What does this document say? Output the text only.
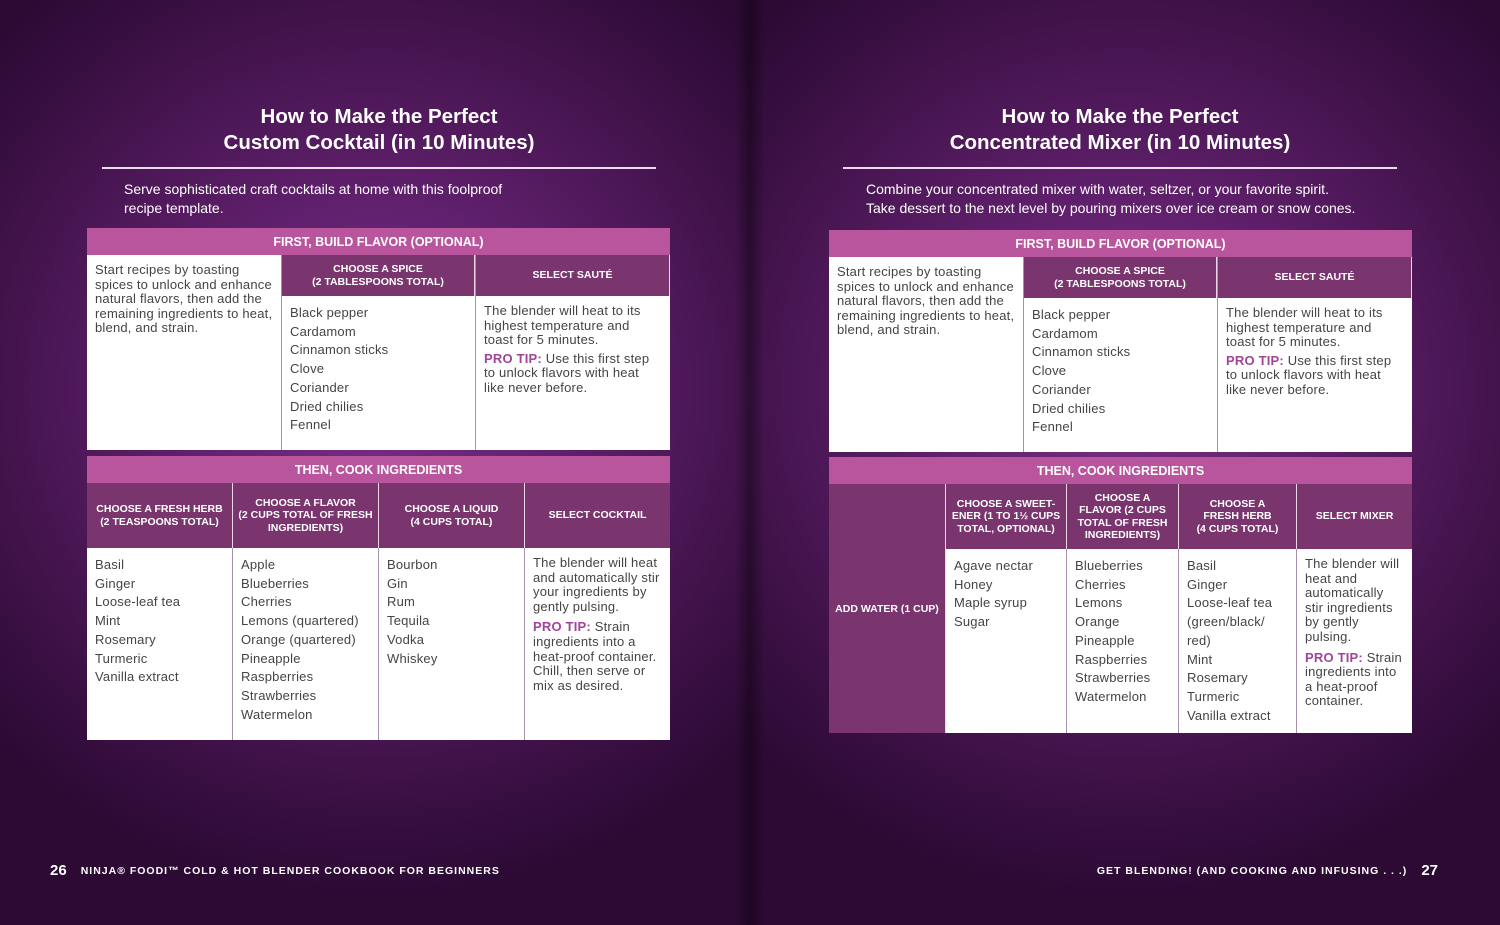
How to Make the Perfect
Custom Cocktail (in 10 Minutes)
Serve sophisticated craft cocktails at home with this foolproof
recipe template.
FIRST, BUILD FLAVOR (OPTIONAL)
Start recipes by toasting spices to unlock and enhance natural flavors, then add the remaining ingredients to heat, blend, and strain.
CHOOSE A SPICE
(2 TABLESPOONS TOTAL)
Black pepper
Cardamom
Cinnamon sticks
Clove
Coriander
Dried chilies
Fennel
SELECT SAUTÉ
The blender will heat to its highest temperature and toast for 5 minutes.
PRO TIP: Use this first step to unlock flavors with heat like never before.
THEN, COOK INGREDIENTS
CHOOSE A FRESH HERB
(2 TEASPOONS TOTAL)
CHOOSE A FLAVOR
(2 CUPS TOTAL OF FRESH
INGREDIENTS)
CHOOSE A LIQUID
(4 CUPS TOTAL)
SELECT COCKTAIL
Basil
Ginger
Loose-leaf tea
Mint
Rosemary
Turmeric
Vanilla extract
Apple
Blueberries
Cherries
Lemons (quartered)
Orange (quartered)
Pineapple
Raspberries
Strawberries
Watermelon
Bourbon
Gin
Rum
Tequila
Vodka
Whiskey
The blender will heat and automatically stir your ingredients by gently pulsing.
PRO TIP: Strain ingredients into a heat-proof container. Chill, then serve or mix as desired.
26 NINJA® FOODI™ COLD & HOT BLENDER COOKBOOK FOR BEGINNERS
How to Make the Perfect
Concentrated Mixer (in 10 Minutes)
Combine your concentrated mixer with water, seltzer, or your favorite spirit.
Take dessert to the next level by pouring mixers over ice cream or snow cones.
FIRST, BUILD FLAVOR (OPTIONAL)
Start recipes by toasting spices to unlock and enhance natural flavors, then add the remaining ingredients to heat, blend, and strain.
CHOOSE A SPICE
(2 TABLESPOONS TOTAL)
Black pepper
Cardamom
Cinnamon sticks
Clove
Coriander
Dried chilies
Fennel
SELECT SAUTÉ
The blender will heat to its highest temperature and toast for 5 minutes.
PRO TIP: Use this first step to unlock flavors with heat like never before.
THEN, COOK INGREDIENTS
ADD WATER (1 CUP)
CHOOSE A SWEET-
ENER (1 TO 1½ CUPS
TOTAL, OPTIONAL)
CHOOSE A
FLAVOR (2 CUPS
TOTAL OF FRESH
INGREDIENTS)
CHOOSE A
FRESH HERB
(4 CUPS TOTAL)
SELECT MIXER
Agave nectar
Honey
Maple syrup
Sugar
Blueberries
Cherries
Lemons
Orange
Pineapple
Raspberries
Strawberries
Watermelon
Basil
Ginger
Loose-leaf tea (green/black/ red)
Mint
Rosemary
Turmeric
Vanilla extract
The blender will heat and automatically stir ingredients by gently pulsing.
PRO TIP: Strain ingredients into a heat-proof container.
GET BLENDING! (AND COOKING AND INFUSING . . .) 27
